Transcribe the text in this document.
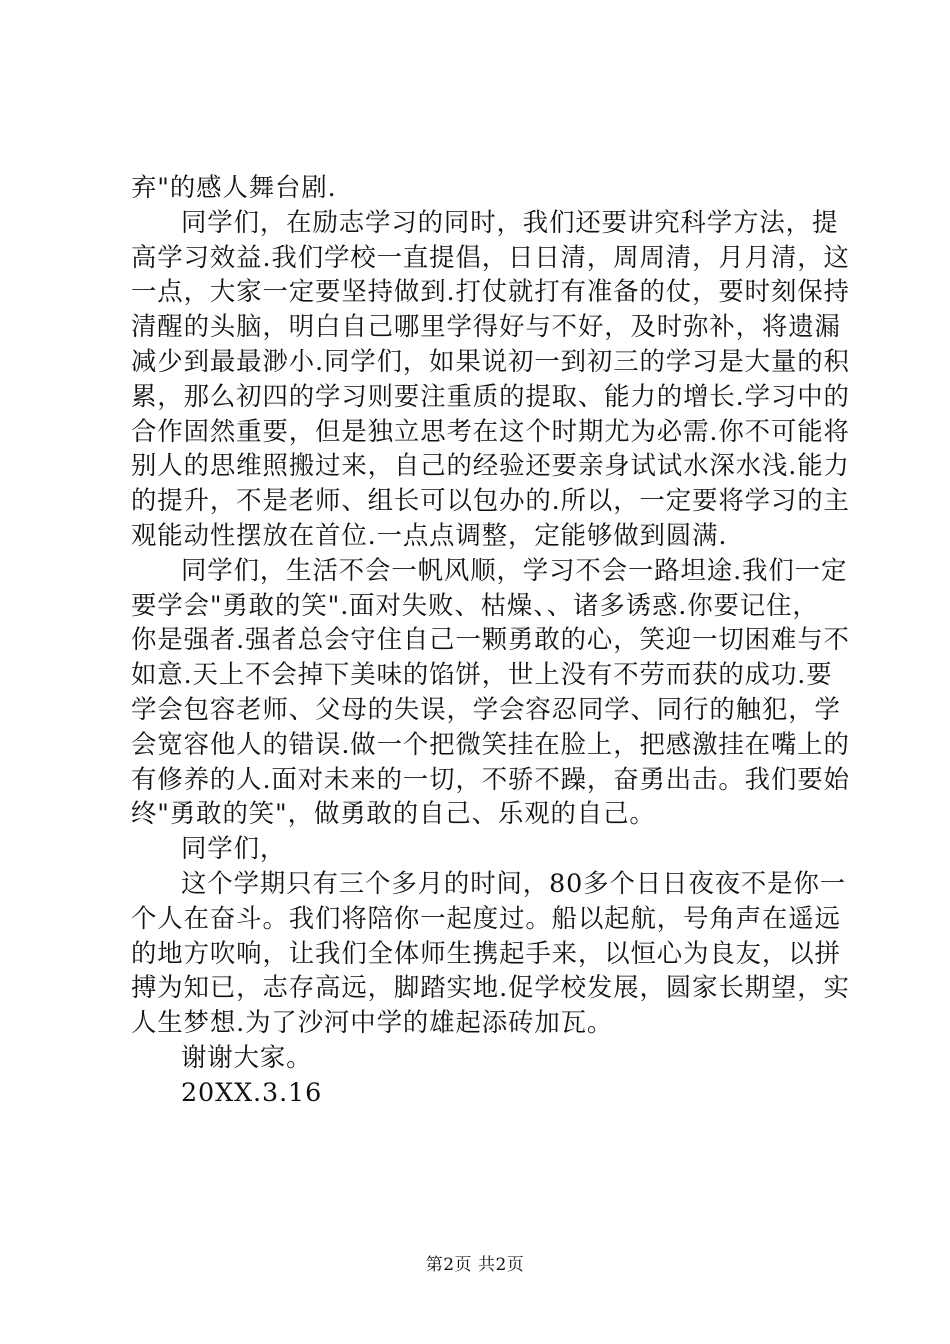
弃"的感人舞台剧.

同学们，在励志学习的同时，我们还要讲究科学方法，提

高学习效益.我们学校一直提倡，日日清，周周清，月月清，这

一点，大家一定要坚持做到.打仗就打有准备的仗，要时刻保持

清醒的头脑，明白自己哪里学得好与不好，及时弥补，将遗漏

减少到最最渺小.同学们，如果说初一到初三的学习是大量的积

累，那么初四的学习则要注重质的提取、能力的增长.学习中的

合作固然重要，但是独立思考在这个时期尤为必需.你不可能将

别人的思维照搬过来，自己的经验还要亲身试试水深水浅.能力

的提升，不是老师、组长可以包办的.所以，一定要将学习的主

观能动性摆放在首位.一点点调整，定能够做到圆满.

同学们，生活不会一帆风顺，学习不会一路坦途.我们一定

要学会"勇敢的笑".面对失败、枯燥、、诸多诱惑.你要记住，

你是强者.强者总会守住自己一颗勇敢的心，笑迎一切困难与不

如意.天上不会掉下美味的馅饼，世上没有不劳而获的成功.要

学会包容老师、父母的失误，学会容忍同学、同行的触犯，学

会宽容他人的错误.做一个把微笑挂在脸上，把感激挂在嘴上的

有修养的人.面对未来的一切，不骄不躁，奋勇出击。我们要始

终"勇敢的笑"，做勇敢的自己、乐观的自己。

同学们，

这个学期只有三个多月的时间，80多个日日夜夜不是你一

个人在奋斗。我们将陪你一起度过。船以起航，号角声在遥远

的地方吹响，让我们全体师生携起手来，以恒心为良友，以拼

搏为知已，志存高远，脚踏实地.促学校发展，圆家长期望，实

人生梦想.为了沙河中学的雄起添砖加瓦。

谢谢大家。

20XX.3.16

第2页 共2页
